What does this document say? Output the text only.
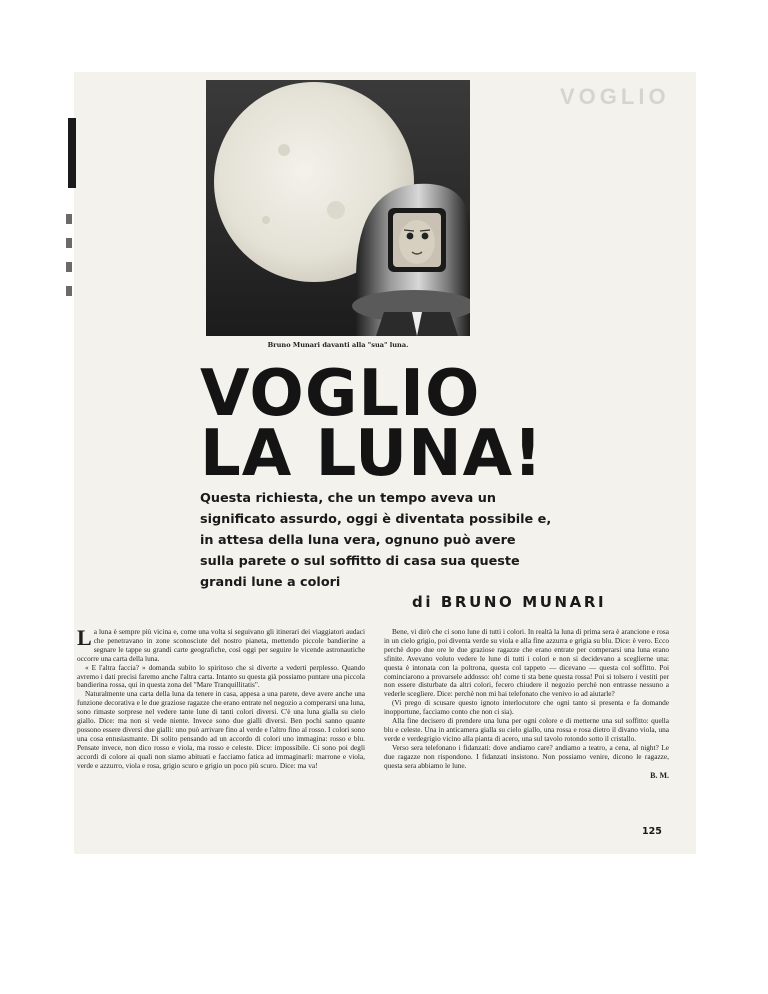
VOGLIO
Bruno Munari davanti alla "sua" luna.
VOGLIO
LA LUNA!
Questa richiesta, che un tempo aveva un significato assurdo, oggi è diventata possibile e, in attesa della luna vera, ognuno può avere sulla parete o sul soffitto di casa sua queste grandi lune a colori
di BRUNO MUNARI

La luna è sempre più vicina e, come una volta si seguivano gli itinerari dei viaggiatori audaci che penetravano in zone sconosciute del nostro pianeta, mettendo piccole bandierine a segnare le tappe su grandi carte geografiche, così oggi per seguire le vicende astronautiche occorre una carta della luna.

« E l'altra faccia? » domanda subito lo spiritoso che si diverte a vederti perplesso. Quando avremo i dati precisi faremo anche l'altra carta. Intanto su questa già possiamo puntare una piccola bandierina rossa, qui in questa zona del "Mare Tranquillitatis".

Naturalmente una carta della luna da tenere in casa, appesa a una parete, deve avere anche una funzione decorativa e le due graziose ragazze che erano entrate nel negozio a comperarsi una luna, sono rimaste sorprese nel vedere tante lune di tanti colori diversi. C'è una luna gialla su cielo giallo. Dice: ma non si vede niente. Invece sono due gialli diversi. Ben pochi sanno quante possono essere diversi due gialli: uno può arrivare fino al verde e l'altro fino al rosso. I colori sono una cosa entusiasmante. Di solito pensando ad un accordo di colori uno immagina: rosso e blu. Pensate invece, non dico rosso e viola, ma rosso e celeste. Dice: impossibile. Ci sono poi degli accordi di colore ai quali non siamo abituati e facciamo fatica ad immaginarli: marrone e viola, verde e azzurro, viola e rosa, grigio scuro e grigio un poco più scuro. Dice: ma va!

Bene, vi dirò che ci sono lune di tutti i colori. In realtà la luna di prima sera è arancione e rosa in un cielo grigio, poi diventa verde su viola e alla fine azzurra e grigia su blu. Dice: è vero. Ecco perchè dopo due ore le due graziose ragazze che erano entrate per comperarsi una luna erano sfinite. Avevano voluto vedere le lune di tutti i colori e non si decidevano a sceglierne una: questa è intonata con la poltrona, questa col tappeto — dicevano — questa col soffitto. Poi cominciarono a provarsele addosso: oh! come ti sta bene questa rossa! Poi si tolsero i vestiti per non essere disturbate da altri colori, fecero chiudere il negozio perchè non entrasse nessuno a vederle scegliere. Dice: perchè non mi hai telefonato che venivo io ad aiutarle?

(Vi prego di scusare questo ignoto interlocutore che ogni tanto si presenta e fa domande inopportune, facciamo conto che non ci sia).

Alla fine decisero di prendere una luna per ogni colore e di metterne una sul soffitto: quella blu e celeste. Una in anticamera gialla su cielo giallo, una rossa e rosa dietro il divano viola, una verde e verdegrigio vicino alla pianta di acero, una sul tavolo rotondo sotto il cristallo.

Verso sera telefonano i fidanzati: dove andiamo care? andiamo a teatro, a cena, al night? Le due ragazze non rispondono. I fidanzati insistono. Non possiamo venire, dicono le ragazze, questa sera abbiamo le lune.

B. M.
125
